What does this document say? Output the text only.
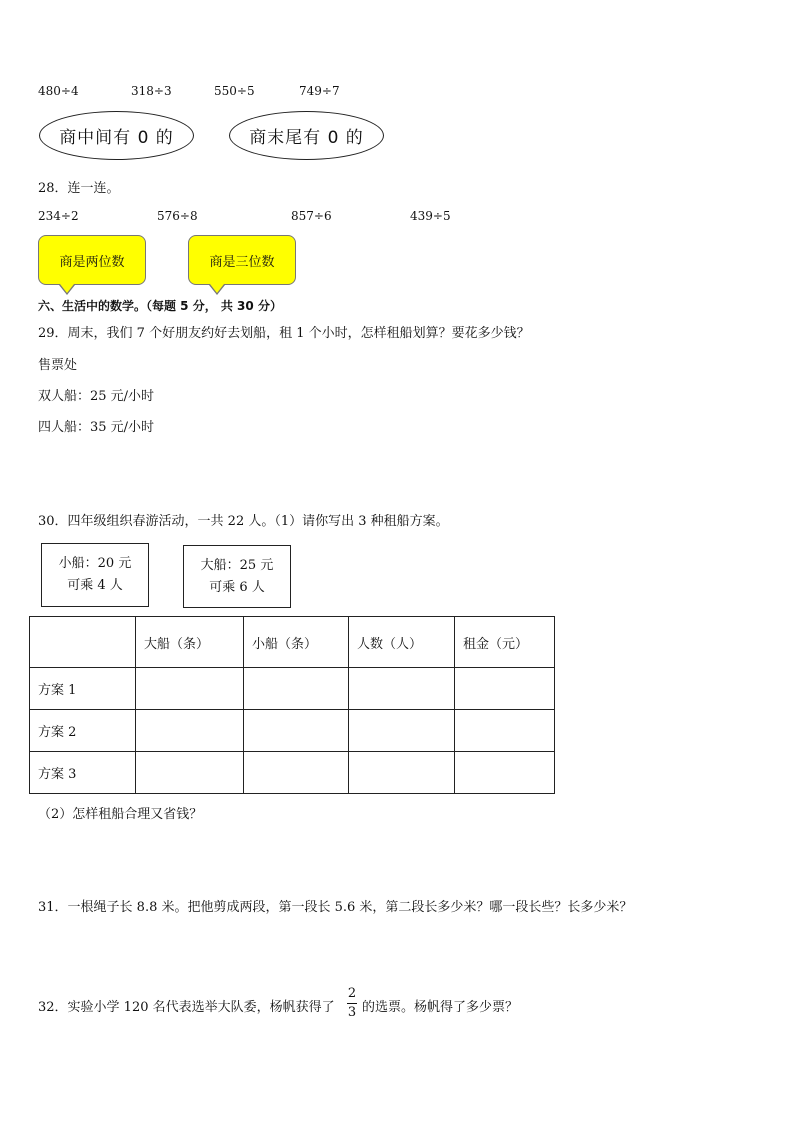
480÷4	318÷3	550÷5	749÷7
商中间有 0 的	商末尾有 0 的
28．连一连。
234÷2	576÷8	857÷6	439÷5
商是两位数	商是三位数
六、生活中的数学。（每题 5 分， 共 30 分）
29．周末，我们 7 个好朋友约好去划船，租 1 个小时，怎样租船划算？要花多少钱？
售票处
双人船：25 元/小时
四人船：35 元/小时
30．四年级组织春游活动，一共 22 人。（1）请你写出 3 种租船方案。
小船：20 元
可乘 4 人
大船：25 元
可乘 6 人
	大船（条）	小船（条）	人数（人）	租金（元）
方案 1				
方案 2				
方案 3				
（2）怎样租船合理又省钱？
31．一根绳子长 8.8 米。把他剪成两段，第一段长 5.6 米，第二段长多少米？哪一段长些？长多少米？
32．实验小学 120 名代表选举大队委，杨帆获得了
2
3 的选票。杨帆得了多少票？
